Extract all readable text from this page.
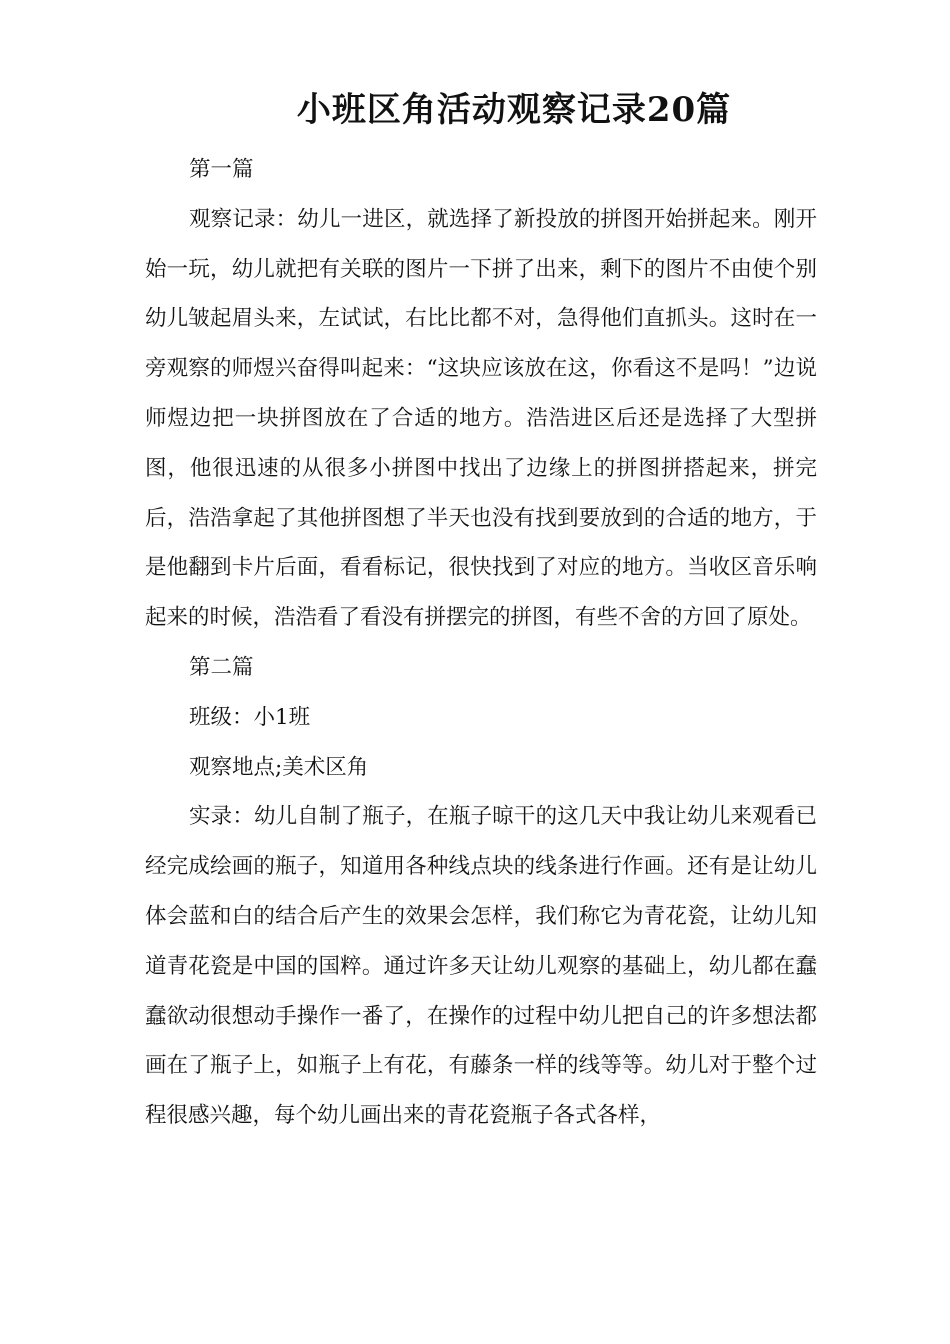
小班区角活动观察记录20篇

第一篇

观察记录：幼儿一进区，就选择了新投放的拼图开始拼起来。刚开始一玩，幼儿就把有关联的图片一下拼了出来，剩下的图片不由使个别幼儿皱起眉头来，左试试，右比比都不对，急得他们直抓头。这时在一旁观察的师煜兴奋得叫起来：“这块应该放在这，你看这不是吗！”边说师煜边把一块拼图放在了合适的地方。浩浩进区后还是选择了大型拼图，他很迅速的从很多小拼图中找出了边缘上的拼图拼搭起来，拼完后，浩浩拿起了其他拼图想了半天也没有找到要放到的合适的地方，于是他翻到卡片后面，看看标记，很快找到了对应的地方。当收区音乐响起来的时候，浩浩看了看没有拼摆完的拼图，有些不舍的方回了原处。

第二篇

班级：小1班

观察地点;美术区角

实录：幼儿自制了瓶子，在瓶子晾干的这几天中我让幼儿来观看已经完成绘画的瓶子，知道用各种线点块的线条进行作画。还有是让幼儿体会蓝和白的结合后产生的效果会怎样，我们称它为青花瓷，让幼儿知道青花瓷是中国的国粹。通过许多天让幼儿观察的基础上，幼儿都在蠢蠢欲动很想动手操作一番了，在操作的过程中幼儿把自己的许多想法都画在了瓶子上，如瓶子上有花，有藤条一样的线等等。幼儿对于整个过程很感兴趣，每个幼儿画出来的青花瓷瓶子各式各样，
